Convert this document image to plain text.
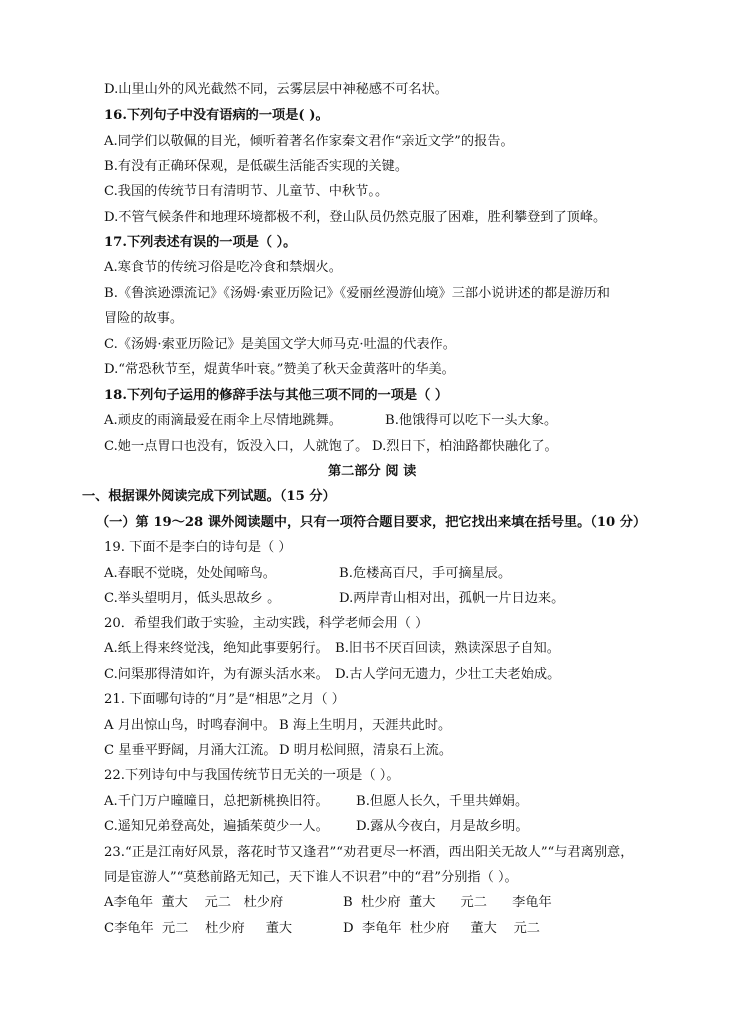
D.山里山外的风光截然不同，云雾层层中神秘感不可名状。
16.下列句子中没有语病的一项是( )。
A.同学们以敬佩的目光，倾听着著名作家秦文君作“亲近文学”的报告。
B.有没有正确环保观，是低碳生活能否实现的关键。
C.我国的传统节日有清明节、儿童节、中秋节。。
D.不管气候条件和地理环境都极不利，登山队员仍然克服了困难，胜利攀登到了顶峰。
17.下列表述有误的一项是（ ）。
A.寒食节的传统习俗是吃冷食和禁烟火。
B.《鲁滨逊漂流记》《汤姆·索亚历险记》《爱丽丝漫游仙境》三部小说讲述的都是游历和
冒险的故事。
C.《汤姆·索亚历险记》是美国文学大师马克·吐温的代表作。
D.“常恐秋节至，焜黄华叶衰。”赞美了秋天金黄落叶的华美。
18.下列句子运用的修辞手法与其他三项不同的一项是（ ）
A.顽皮的雨滴最爱在雨伞上尽情地跳舞。	B.他饿得可以吃下一头大象。
C.她一点胃口也没有，饭没入口，人就饱了。 D.烈日下，柏油路都快融化了。
第二部分 阅 读
一、根据课外阅读完成下列试题。（15 分）
（一）第 19～28 课外阅读题中，只有一项符合题目要求，把它找出来填在括号里。（10 分）
19. 下面不是李白的诗句是（ ）
A.春眠不觉晓，处处闻啼鸟。	B.危楼高百尺，手可摘星辰。
C.举头望明月，低头思故乡 。	D.两岸青山相对出，孤帆一片日边来。
20．希望我们敢于实验，主动实践，科学老师会用（ ）
A.纸上得来终觉浅，绝知此事要躬行。 B.旧书不厌百回读，熟读深思子自知。
C.问渠那得清如许，为有源头活水来。 D.古人学问无遗力，少壮工夫老始成。
21. 下面哪句诗的“月”是“相思”之月（ ）
A 月出惊山鸟，时鸣春涧中。 B 海上生明月，天涯共此时。
C 星垂平野阔，月涌大江流。 D 明月松间照，清泉石上流。
22.下列诗句中与我国传统节日无关的一项是（ ）。
A.千门万户曈曈日，总把新桃换旧符。 B.但愿人长久，千里共婵娟。
C.遥知兄弟登高处，遍插茱萸少一人。 D.露从今夜白，月是故乡明。
23.“正是江南好风景，落花时节又逢君”“劝君更尽一杯酒，西出阳关无故人”“与君离别意，
同是宦游人”“莫愁前路无知己，天下谁人不识君”中的“君”分别指（ ）。
A李龟年  董大    元二   杜少府	B  杜少府  董大      元二      李龟年
C李龟年  元二    杜少府     董大	D  李龟年  杜少府     董大    元二
